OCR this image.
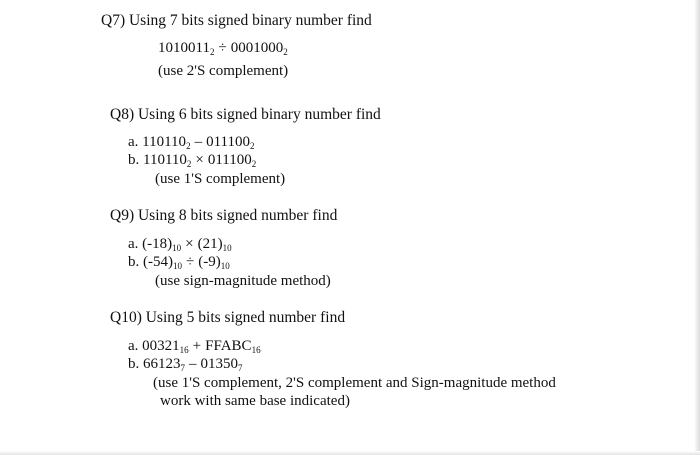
Q7) Using 7 bits signed binary number find
$1010011_2 \div 0001000_2$
(use 2'S complement)
Q8) Using 6 bits signed binary number find
a. $110110_2 - 011100_2$
b. $110110_2 \times 011100_2$
(use 1'S complement)
Q9) Using 8 bits signed number find
a. $(-18)_{10} \times (21)_{10}$
b. $(-54)_{10} \div (-9)_{10}$
(use sign-magnitude method)
Q10) Using 5 bits signed number find
a. $00321_{16}$ + $FFABC_{16}$
b. $66123_7 - 01350_7$
(use 1'S complement, 2'S complement and Sign-magnitude method
work with same base indicated)
